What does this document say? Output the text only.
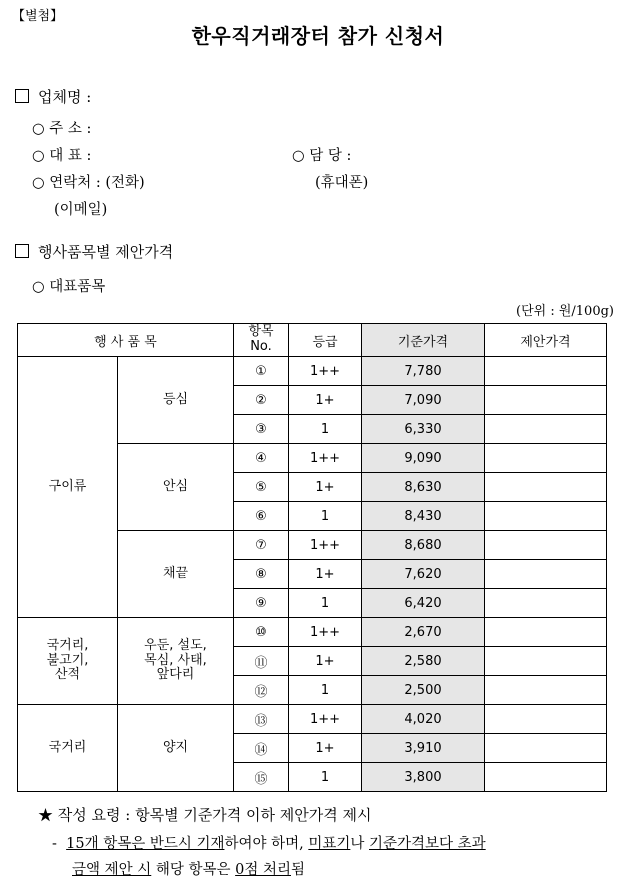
【별첨】
한우직거래장터 참가 신청서
업체명 :
○ 주 소 :
○ 대 표 :	○ 담 당 :
○ 연락처 : (전화)	(휴대폰)
(이메일)
행사품목별 제안가격
○ 대표품목
(단위 : 원/100g)
행 사 품 목		항목
No.	등급	기준가격	제안가격
구이류	등심	①	1++	7,780	
		②	1+	7,090	
		③	1	6,330	
	안심	④	1++	9,090	
		⑤	1+	8,630	
		⑥	1	8,430	
	채끝	⑦	1++	8,680	
		⑧	1+	7,620	
		⑨	1	6,420	
국거리,
불고기,
산적	우둔, 설도,
목심, 사태,
앞다리	⑩	1++	2,670	
		⑪	1+	2,580	
		⑫	1	2,500	
국거리	양지	⑬	1++	4,020	
		⑭	1+	3,910	
		⑮	1	3,800	
★ 작성 요령 : 항목별 기준가격 이하 제안가격 제시
- 15개 항목은 반드시 기재하여야 하며, 미표기나 기준가격보다 초과
금액 제안 시 해당 항목은 0점 처리됨
